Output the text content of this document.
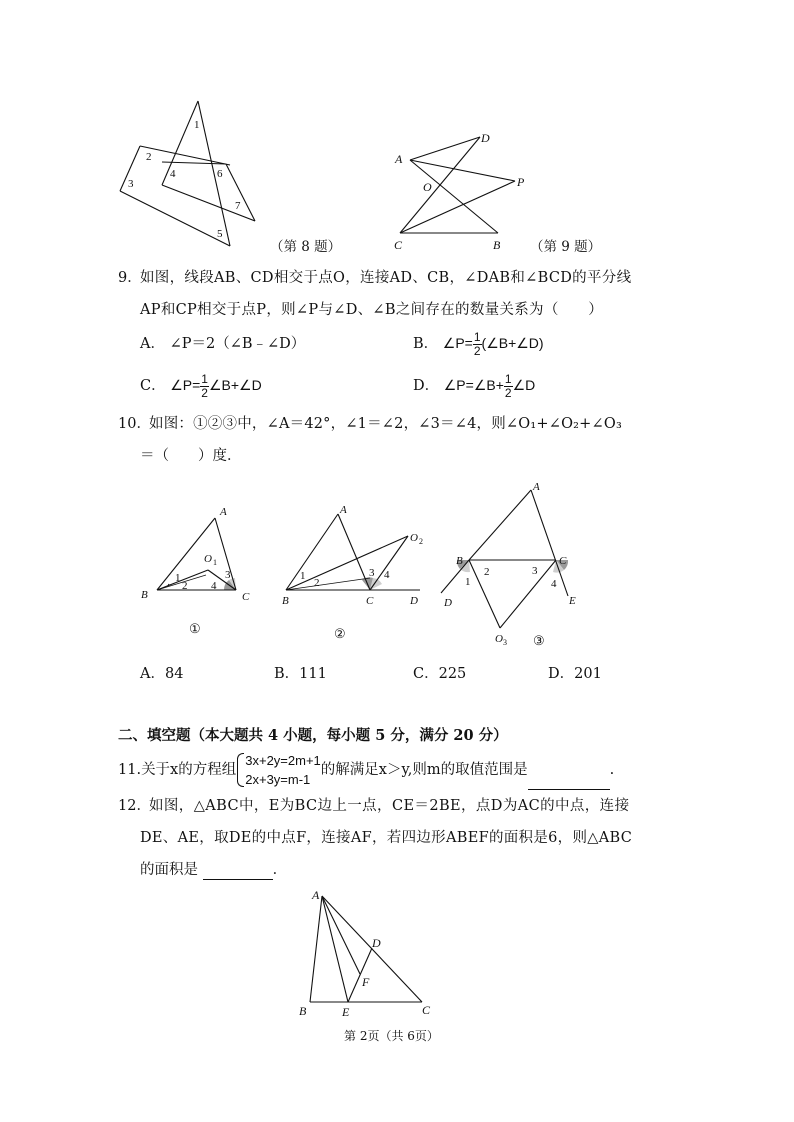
1
2
3
4
5
6
7
（第 8 题）
A
D
O	P
C	B （第 9 题）
9．
如图，线段AB、CD相交于点O，连接AD、CB，∠DAB和∠BCD的平分线
AP和CP相交于点P，则∠P与∠D、∠B之间存在的数量关系为（　　）
A． ∠P＝2（∠B﹣∠D）	B． ∠P= $\frac{1}{2}$ (∠B+∠D)
C． ∠P= $\frac{1}{2}$ ∠B+∠D	D． ∠P=∠B+ $\frac{1}{2}$ ∠D
10．
如图：①②③中，∠A＝42°，∠1＝∠2，∠3＝∠4，则∠O₁+∠O₂+∠O₃
＝（　　）度．
A
O 1
1
2
3
4
B	C
①
A
O 2
1
2
3 4
B	C	D
②
A
B	C
2	3
1	4
D	E
O 3 ③
A．84	B．111	C．225	D．201
二、填空题（本大题共 4 小题，每小题 5 分，满分 20 分）
11.关于x的方程组
3x+2y=2m+1
2x+3y=m-1
的解满足x＞y,则m的取值范围是	.
12．
如图，△ABC中，E为BC边上一点，CE＝2BE，点D为AC的中点，连接
DE、AE，取DE的中点F，连接AF，若四边形ABEF的面积是6，则△ABC
的面积是	．
A
D
F
B	E	C
第 2页（共 6页）
